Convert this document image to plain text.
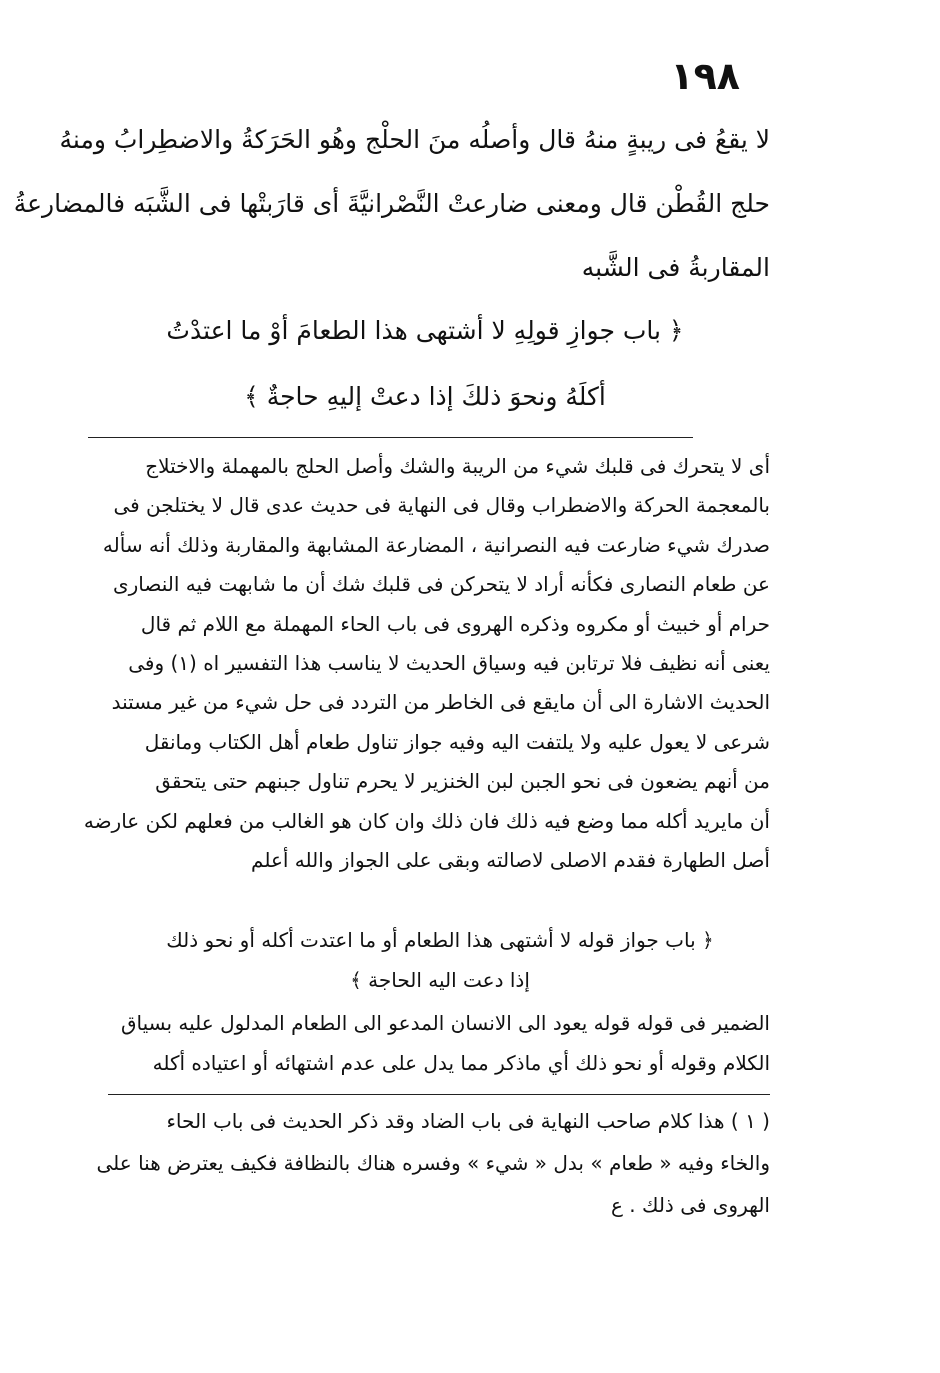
١٩٨
لا يقعُ فى ريبةٍ منهُ قال وأصلُه منَ الحلْج وهُو الحَرَكةُ والاضطِرابُ ومنهُ
حلج القُطْن قال ومعنى ضارعتْ النَّصْرانيَّةَ أى قارَبتْها فى الشَّبَه فالمضارعةُ
المقاربةُ فى الشَّبه
﴿ باب جوازِ قولِهِ لا أشتهى هذا الطعامَ أوْ ما اعتدْتُ
أكلَهُ ونحوَ ذلكَ إذا دعتْ إليهِ حاجةٌ ﴾
أى لا يتحرك فى قلبك شيء من الريبة والشك وأصل الحلج بالمهملة والاختلاج
بالمعجمة الحركة والاضطراب وقال فى النهاية فى حديث عدى قال لا يختلجن فى
صدرك شيء ضارعت فيه النصرانية ، المضارعة المشابهة والمقاربة وذلك أنه سأله
عن طعام النصارى فكأنه أراد لا يتحركن فى قلبك شك أن ما شابهت فيه النصارى
حرام أو خبيث أو مكروه وذكره الهروى فى باب الحاء المهملة مع اللام ثم قال
يعنى أنه نظيف فلا ترتابن فيه وسياق الحديث لا يناسب هذا التفسير اه (١) وفى
الحديث الاشارة الى أن مايقع فى الخاطر من التردد فى حل شيء من غير مستند
شرعى لا يعول عليه ولا يلتفت اليه وفيه جواز تناول طعام أهل الكتاب ومانقل
من أنهم يضعون فى نحو الجبن لبن الخنزير لا يحرم تناول جبنهم حتى يتحقق
أن مايريد أكله مما وضع فيه ذلك فان ذلك وان كان هو الغالب من فعلهم لكن عارضه
أصل الطهارة فقدم الاصلى لاصالته وبقى على الجواز والله أعلم
﴿ باب جواز قوله لا أشتهى هذا الطعام أو ما اعتدت أكله أو نحو ذلك
إذا دعت اليه الحاجة ﴾
الضمير فى قوله قوله يعود الى الانسان المدعو الى الطعام المدلول عليه بسياق
الكلام وقوله أو نحو ذلك أي ماذكر مما يدل على عدم اشتهائه أو اعتياده أكله
( ١ ) هذا كلام صاحب النهاية فى باب الضاد وقد ذكر الحديث فى باب الحاء
والخاء وفيه « طعام » بدل « شيء » وفسره هناك بالنظافة فكيف يعترض هنا على
الهروى فى ذلك . ع
